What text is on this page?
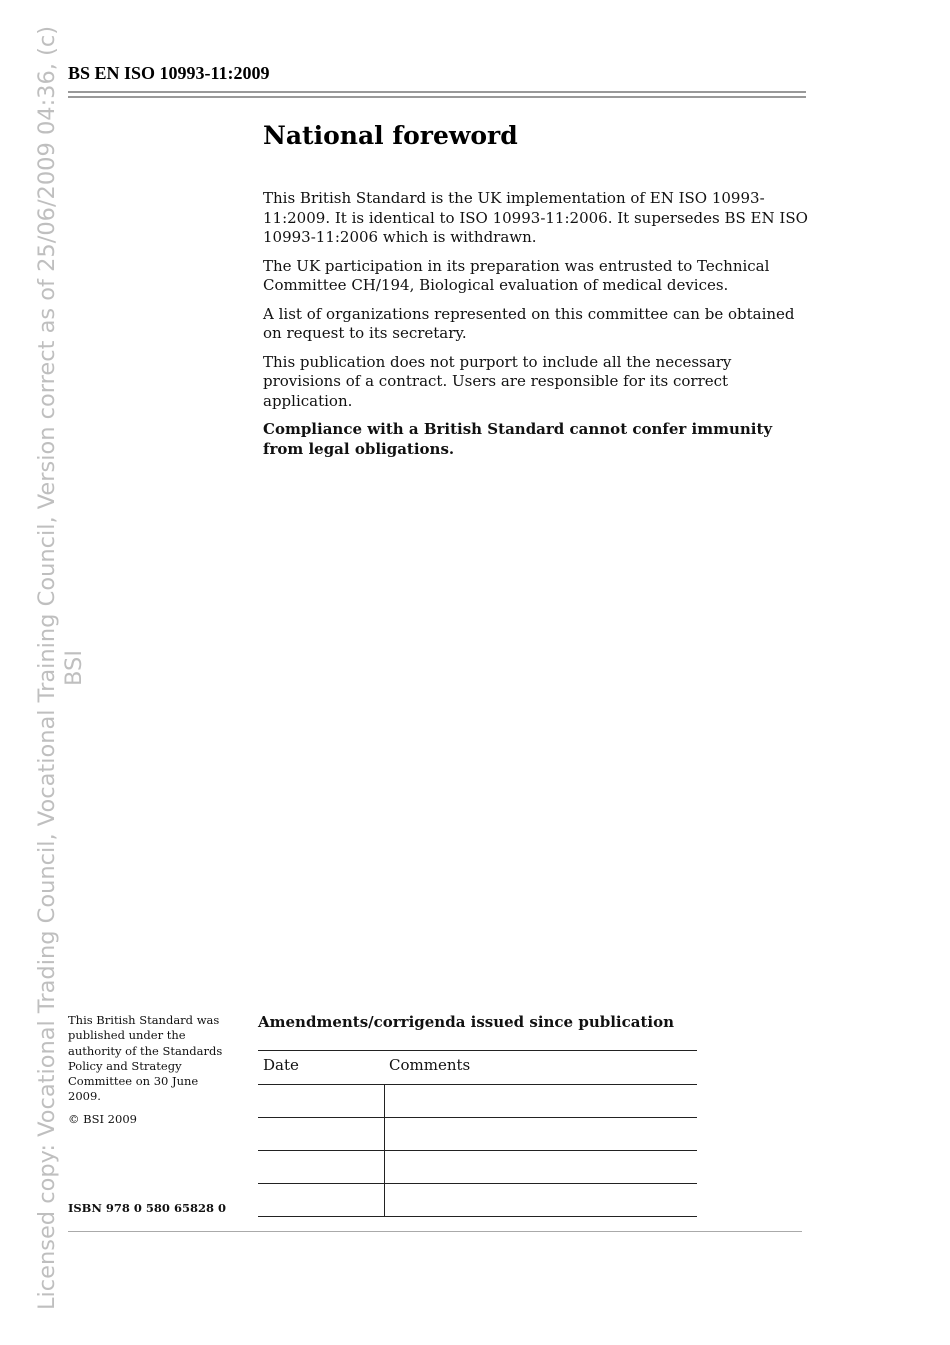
Licensed copy: Vocational Trading Council, Vocational Training Council, Version correct as of 25/06/2009 04:36, (c) BSI
BS EN ISO 10993-11:2009
National foreword

This British Standard is the UK implementation of EN ISO 10993-11:2009. It is identical to ISO 10993-11:2006. It supersedes BS EN ISO 10993-11:2006 which is withdrawn.

The UK participation in its preparation was entrusted to Technical Committee CH/194, Biological evaluation of medical devices.

A list of organizations represented on this committee can be obtained on request to its secretary.

This publication does not purport to include all the necessary provisions of a contract. Users are responsible for its correct application.

Compliance with a British Standard cannot confer immunity from legal obligations.

This British Standard was published under the authority of the Standards Policy and Strategy Committee on 30 June 2009.

© BSI 2009

ISBN 978 0 580 65828 0
Amendments/corrigenda issued since publication
Date	Comments
